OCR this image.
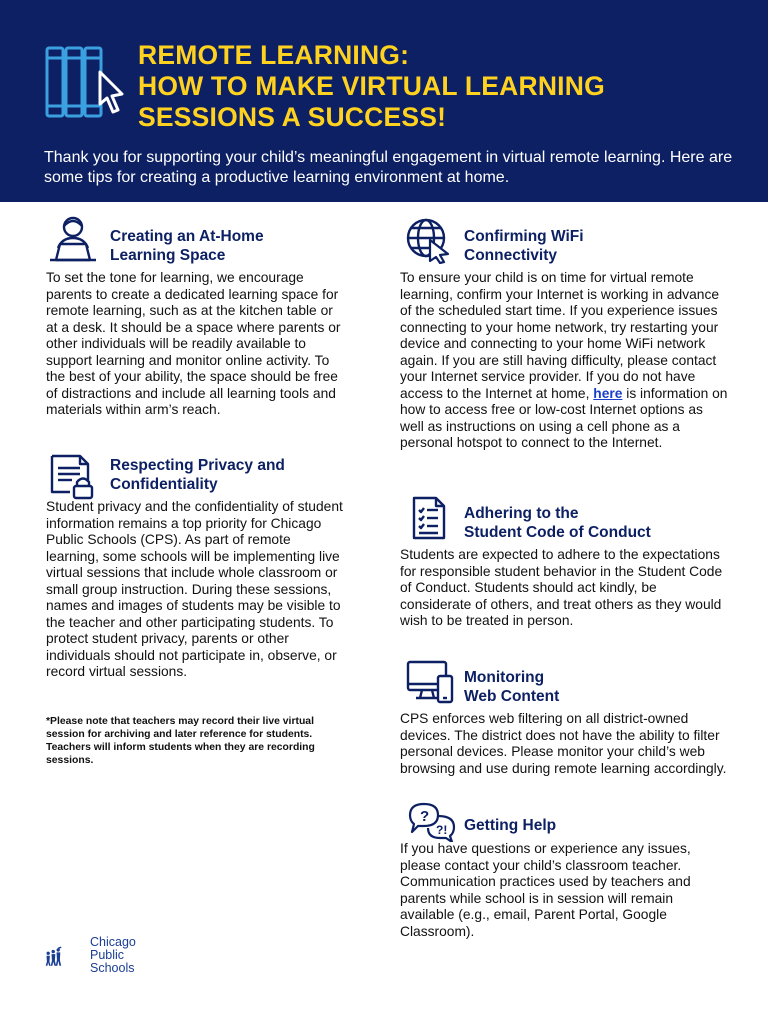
REMOTE LEARNING:
HOW TO MAKE VIRTUAL LEARNING
SESSIONS A SUCCESS!
Thank you for supporting your child’s meaningful engagement in virtual remote learning. Here are some tips for creating a productive learning environment at home.
Creating an At-Home
Learning Space
To set the tone for learning, we encourage parents to create a dedicated learning space for remote learning, such as at the kitchen table or at a desk. It should be a space where parents or other individuals will be readily available to support learning and monitor online activity. To the best of your ability, the space should be free of distractions and include all learning tools and materials within arm’s reach.
Respecting Privacy and
Confidentiality
Student privacy and the confidentiality of student information remains a top priority for Chicago Public Schools (CPS). As part of remote learning, some schools will be implementing live virtual sessions that include whole classroom or small group instruction. During these sessions, names and images of students may be visible to the teacher and other participating students. To protect student privacy, parents or other individuals should not participate in, observe, or record virtual sessions.
*Please note that teachers may record their live virtual session for archiving and later reference for students. Teachers will inform students when they are recording sessions.
Confirming WiFi
Connectivity
To ensure your child is on time for virtual remote learning, confirm your Internet is working in advance of the scheduled start time. If you experience issues connecting to your home network, try restarting your device and connecting to your home WiFi network again. If you are still having difficulty, please contact your Internet service provider. If you do not have access to the Internet at home, here is information on how to access free or low-cost Internet options as well as instructions on using a cell phone as a personal hotspot to connect to the Internet.
Adhering to the
Student Code of Conduct
Students are expected to adhere to the expectations for responsible student behavior in the Student Code of Conduct. Students should act kindly, be considerate of others, and treat others as they would wish to be treated in person.
Monitoring
Web Content
CPS enforces web filtering on all district-owned devices. The district does not have the ability to filter personal devices. Please monitor your child’s web browsing and use during remote learning accordingly.
?
?! Getting Help
If you have questions or experience any issues, please contact your child’s classroom teacher. Communication practices used by teachers and parents while school is in session will remain available (e.g., email, Parent Portal, Google Classroom).
Chicago
Public
Schools
